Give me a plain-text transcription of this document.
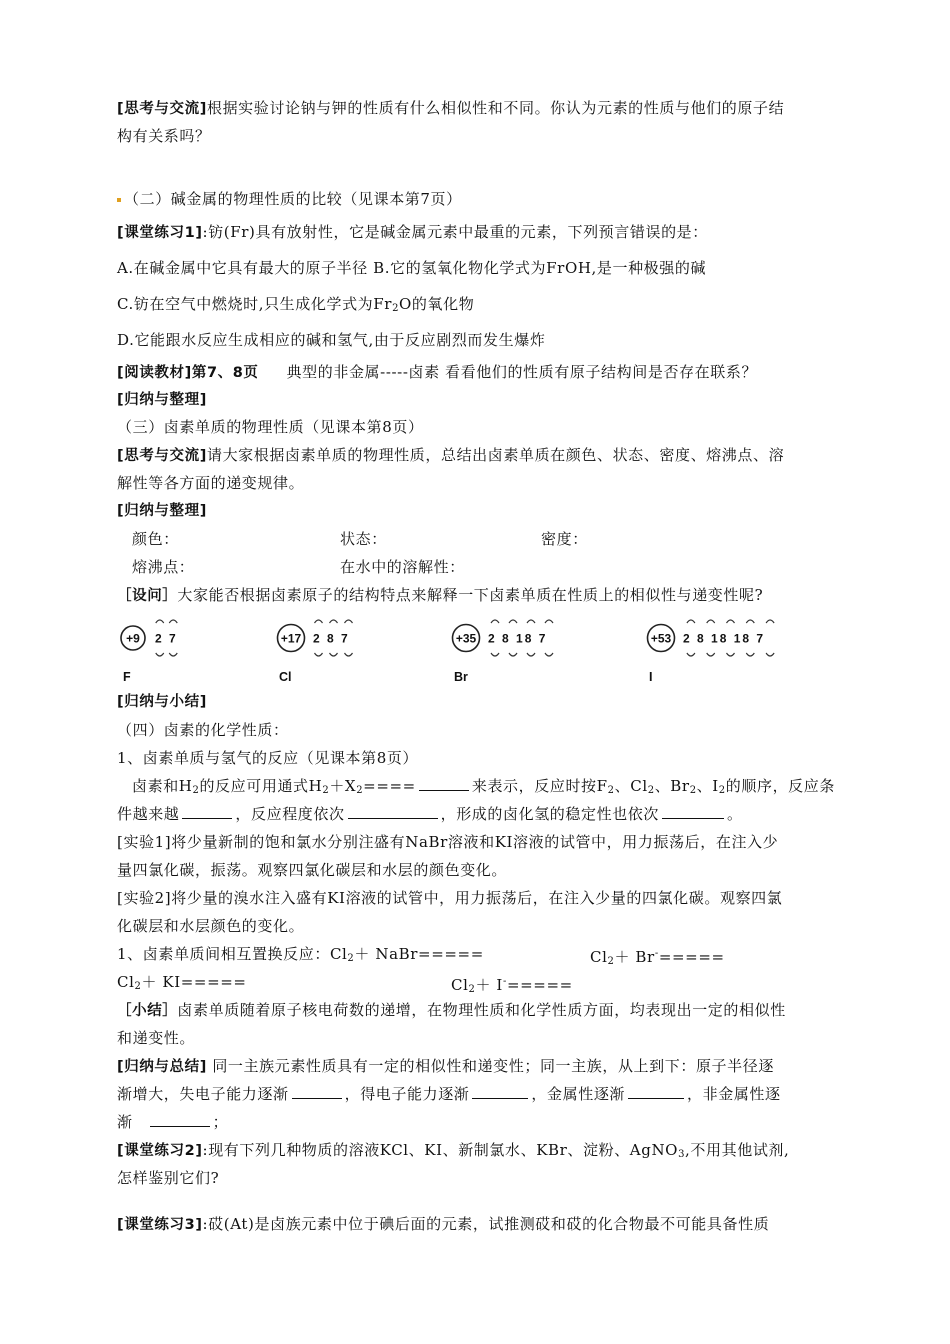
[思考与交流]根据实验讨论钠与钾的性质有什么相似性和不同。你认为元素的性质与他们的原子结
构有关系吗？
（二）碱金属的物理性质的比较（见课本第7页）
[课堂练习1]:钫(Fr)具有放射性，它是碱金属元素中最重的元素，下列预言错误的是：
A.在碱金属中它具有最大的原子半径 B.它的氢氧化物化学式为FrOH,是一种极强的碱
C.钫在空气中燃烧时,只生成化学式为$Fr_2O$的氧化物
D.它能跟水反应生成相应的碱和氢气,由于反应剧烈而发生爆炸
[阅读教材]第7、8页 典型的非金属-----卤素 看看他们的性质有原子结构间是否存在联系？
[归纳与整理]
（三）卤素单质的物理性质（见课本第8页）
[思考与交流]请大家根据卤素单质的物理性质，总结出卤素单质在颜色、状态、密度、熔沸点、溶
解性等各方面的递变规律。
[归纳与整理]
颜色：	状态：	密度：
熔沸点：	在水中的溶解性：
［设问］大家能否根据卤素原子的结构特点来解释一下卤素单质在性质上的相似性与递变性呢?
+9 2 7
F
+17 2 8 7
Cl
+35 2 8 18 7
Br
+53 2 8 18 18 7
I
[归纳与小结]
（四）卤素的化学性质：
1、卤素单质与氢气的反应（见课本第8页）
卤素和$H_2$的反应可用通式$H_2+X_2====$	来表示，反应时按$F_2$、$Cl_2$、$Br_2$、$I_2$的顺序，反应条
件越来越	，反应程度依次	，形成的卤化氢的稳定性也依次	。
[实验1]将少量新制的饱和氯水分别注盛有NaBr溶液和KI溶液的试管中，用力振荡后，在注入少
量四氯化碳，振荡。观察四氯化碳层和水层的颜色变化。
[实验2]将少量的溴水注入盛有KI溶液的试管中，用力振荡后，在注入少量的四氯化碳。观察四氯
化碳层和水层颜色的变化。
1、卤素单质间相互置换反应：$Cl_2+$ NaBr=====	$Cl_2+ Br^-=====$
$Cl_2+ KI=====$	$Cl_2+ I^-=====$
［小结］卤素单质随着原子核电荷数的递增，在物理性质和化学性质方面，均表现出一定的相似性
和递变性。
[归纳与总结] 同一主族元素性质具有一定的相似性和递变性；同一主族，从上到下：原子半径逐
渐增大，失电子能力逐渐	，得电子能力逐渐	，金属性逐渐	，非金属性逐
渐	；
[课堂练习2]:现有下列几种物质的溶液KCl、KI、新制氯水、KBr、淀粉、AgNO$_3$,不用其他试剂,
怎样鉴别它们?
[课堂练习3]:砹(At)是卤族元素中位于碘后面的元素，试推测砹和砹的化合物最不可能具备性质
